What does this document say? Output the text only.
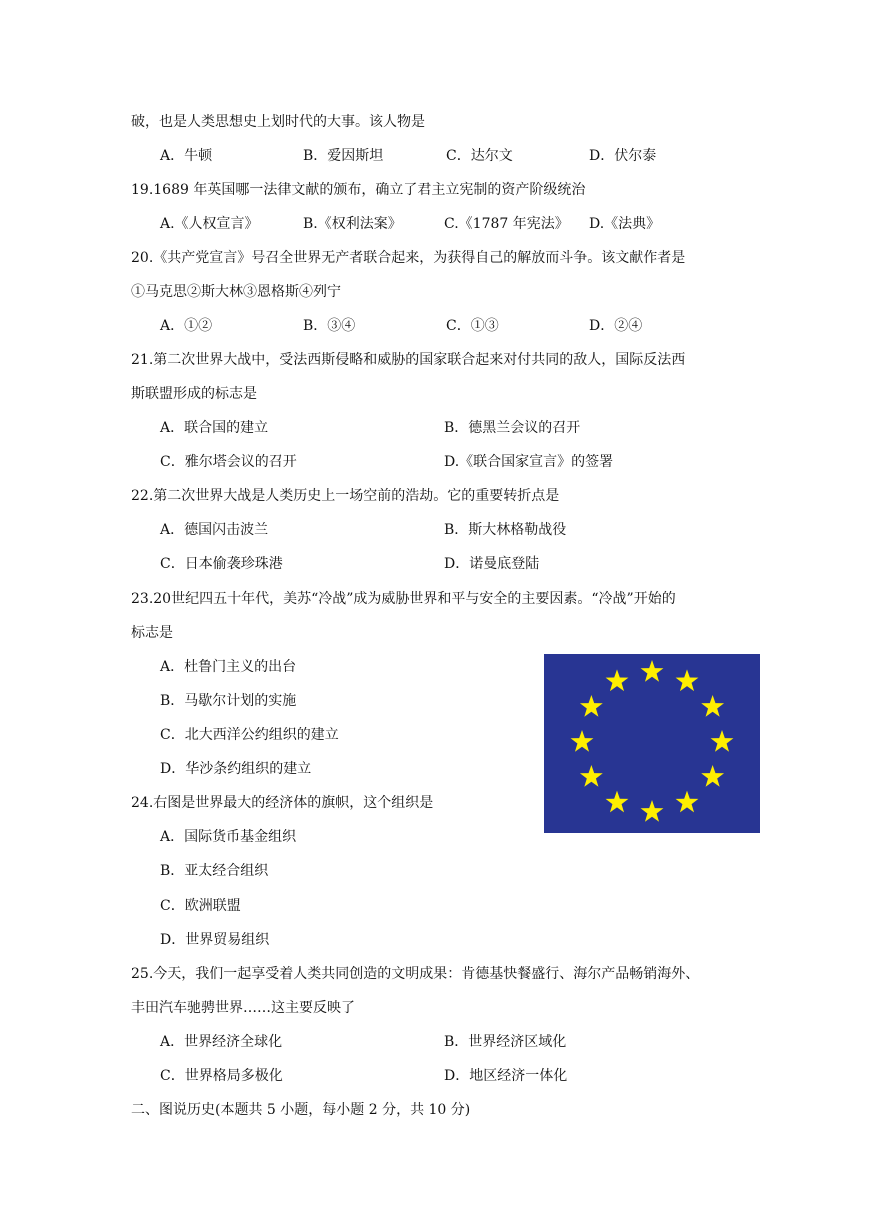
破，也是人类思想史上划时代的大事。该人物是
A．牛顿	B．爱因斯坦	C．达尔文	D．伏尔泰
19.1689 年英国哪一法律文献的颁布，确立了君主立宪制的资产阶级统治
A.《人权宣言》	B.《权利法案》	C.《1787 年宪法》 D.《法典》
20.《共产党宣言》号召全世界无产者联合起来，为获得自己的解放而斗争。该文献作者是
①马克思②斯大林③恩格斯④列宁
A．①②	B．③④	C．①③	D．②④
21.第二次世界大战中，受法西斯侵略和威胁的国家联合起来对付共同的敌人，国际反法西
斯联盟形成的标志是
A．联合国的建立	B．德黑兰会议的召开
C．雅尔塔会议的召开	D.《联合国家宣言》的签署
22.第二次世界大战是人类历史上一场空前的浩劫。它的重要转折点是
A．德国闪击波兰	B．斯大林格勒战役
C．日本偷袭珍珠港	D．诺曼底登陆
23.20世纪四五十年代，美苏“冷战”成为威胁世界和平与安全的主要因素。“冷战”开始的
标志是
A．杜鲁门主义的出台
B．马歇尔计划的实施
C．北大西洋公约组织的建立
D．华沙条约组织的建立
24.右图是世界最大的经济体的旗帜，这个组织是
A．国际货币基金组织
B．亚太经合组织
C．欧洲联盟
D．世界贸易组织
25.今天，我们一起享受着人类共同创造的文明成果：肯德基快餐盛行、海尔产品畅销海外、
丰田汽车驰骋世界……这主要反映了
A．世界经济全球化	B．世界经济区域化
C．世界格局多极化	D．地区经济一体化
二、图说历史(本题共 5 小题，每小题 2 分，共 10 分)
